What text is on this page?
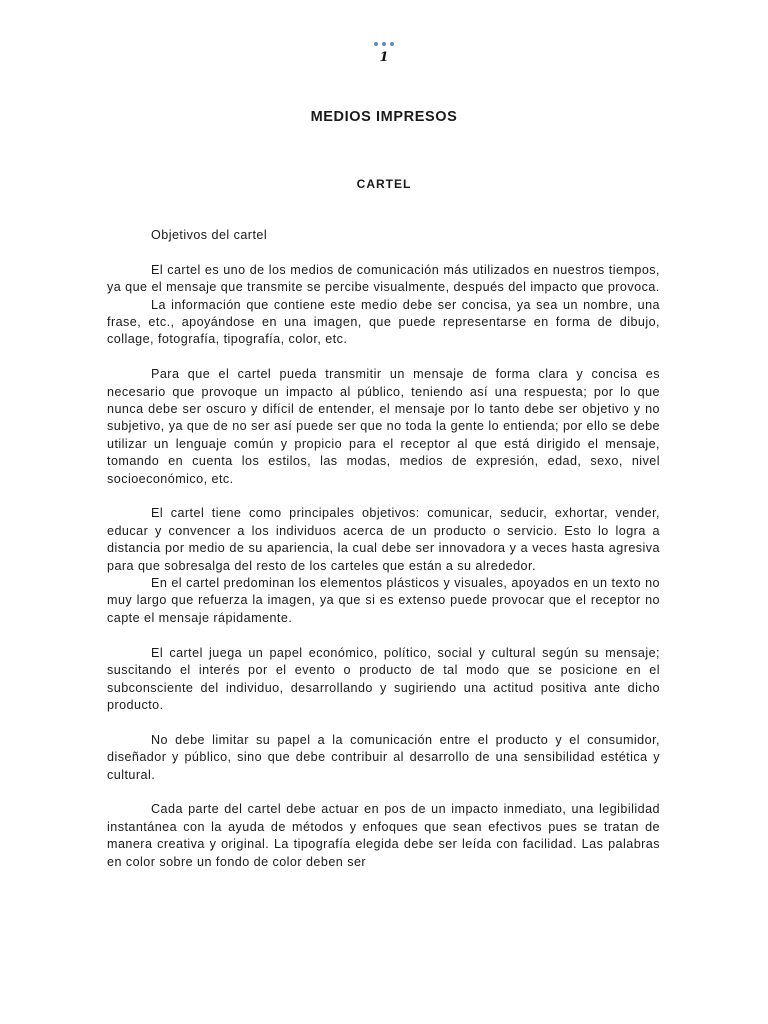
1
MEDIOS IMPRESOS
CARTEL

Objetivos del cartel

El cartel es uno de los medios de comunicación más utilizados en nuestros tiempos, ya que el mensaje que transmite se percibe visualmente, después del impacto que provoca.

La información que contiene este medio debe ser concisa, ya sea un nombre, una frase, etc., apoyándose en una imagen, que puede representarse en forma de dibujo, collage, fotografía, tipografía, color, etc.

Para que el cartel pueda transmitir un mensaje de forma clara y concisa es necesario que provoque un impacto al público, teniendo así una respuesta; por lo que nunca debe ser oscuro y difícil de entender, el mensaje por lo tanto debe ser objetivo y no subjetivo, ya que de no ser así puede ser que no toda la gente lo entienda; por ello se debe utilizar un lenguaje común y propicio para el receptor al que está dirigido el mensaje, tomando en cuenta los estilos, las modas, medios de expresión, edad, sexo, nivel socioeconómico, etc.

El cartel tiene como principales objetivos: comunicar, seducir, exhortar, vender, educar y convencer a los individuos acerca de un producto o servicio. Esto lo logra a distancia por medio de su apariencia, la cual debe ser innovadora y a veces hasta agresiva para que sobresalga del resto de los carteles que están a su alrededor.

En el cartel predominan los elementos plásticos y visuales, apoyados en un texto no muy largo que refuerza la imagen, ya que si es extenso puede provocar que el receptor no capte el mensaje rápidamente.

El cartel juega un papel económico, político, social y cultural según su mensaje; suscitando el interés por el evento o producto de tal modo que se posicione en el subconsciente del individuo, desarrollando y sugiriendo una actitud positiva ante dicho producto.

No debe limitar su papel a la comunicación entre el producto y el consumidor, diseñador y público, sino que debe contribuir al desarrollo de una sensibilidad estética y cultural.

Cada parte del cartel debe actuar en pos de un impacto inmediato, una legibilidad instantánea con la ayuda de métodos y enfoques que sean efectivos pues se tratan de manera creativa y original. La tipografía elegida debe ser leída con facilidad. Las palabras en color sobre un fondo de color deben ser
